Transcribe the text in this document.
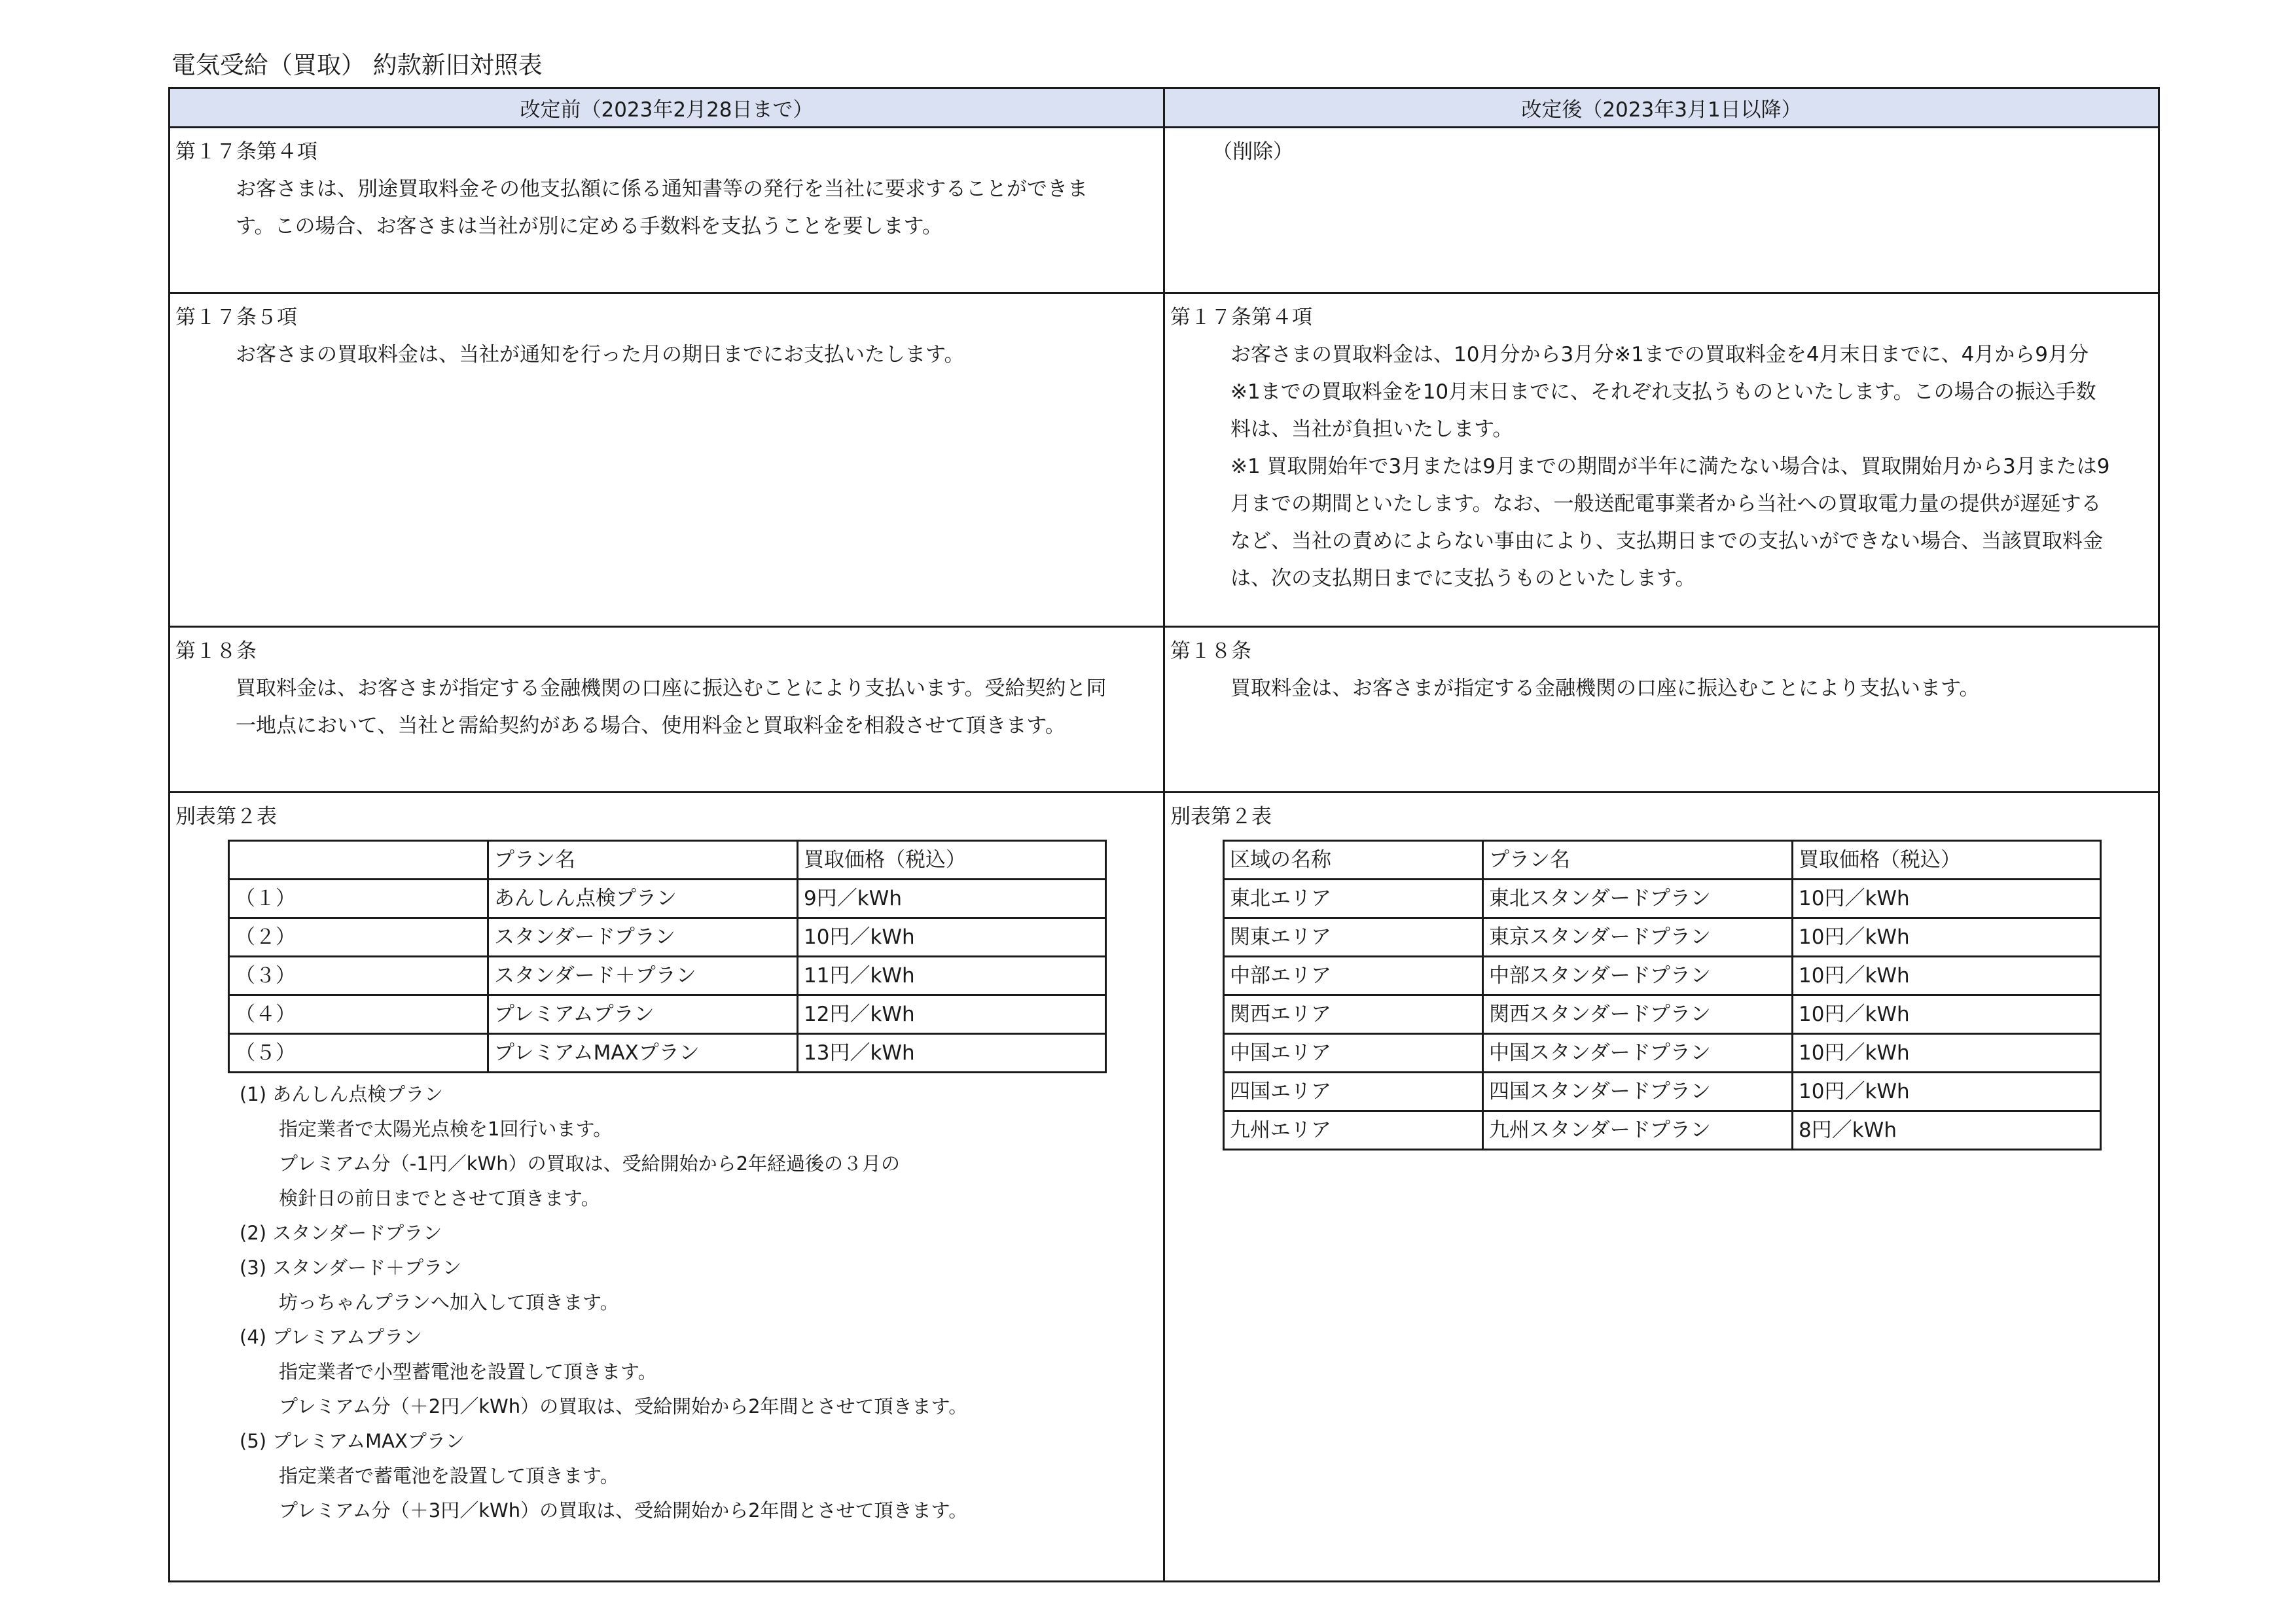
電気受給（買取） 約款新旧対照表
改定前（2023年2月28日まで）	改定後（2023年3月1日以降）

第１７条第４項
お客さまは、別途買取料金その他支払額に係る通知書等の発行を当社に要求することができます。この場合、お客さまは当社が別に定める手数料を支払うことを要します。

（削除）

第１７条５項
お客さまの買取料金は、当社が通知を行った月の期日までにお支払いたします。

第１７条第４項
お客さまの買取料金は、10月分から3月分※1までの買取料金を4月末日までに、4月から9月分※1までの買取料金を10月末日までに、それぞれ支払うものといたします。この場合の振込手数料は、当社が負担いたします。
※1 買取開始年で3月または9月までの期間が半年に満たない場合は、買取開始月から3月または9月までの期間といたします。なお、一般送配電事業者から当社への買取電力量の提供が遅延するなど、当社の責めによらない事由により、支払期日までの支払いができない場合、当該買取料金は、次の支払期日までに支払うものといたします。

第１８条
買取料金は、お客さまが指定する金融機関の口座に振込むことにより支払います。受給契約と同一地点において、当社と需給契約がある場合、使用料金と買取料金を相殺させて頂きます。

第１８条
買取料金は、お客さまが指定する金融機関の口座に振込むことにより支払います。

別表第２表
	プラン名	買取価格（税込）
（１）	あんしん点検プラン	9円／kWh
（２）	スタンダードプラン	10円／kWh
（３）	スタンダード＋プラン	11円／kWh
（４）	プレミアムプラン	12円／kWh
（５）	プレミアムMAXプラン	13円／kWh
(1) あんしん点検プラン
指定業者で太陽光点検を1回行います。
プレミアム分（-1円／kWh）の買取は、受給開始から2年経過後の３月の
検針日の前日までとさせて頂きます。
(2) スタンダードプラン
(3) スタンダード＋プラン
坊っちゃんプランへ加入して頂きます。
(4) プレミアムプラン
指定業者で小型蓄電池を設置して頂きます。
プレミアム分（＋2円／kWh）の買取は、受給開始から2年間とさせて頂きます。
(5) プレミアムMAXプラン
指定業者で蓄電池を設置して頂きます。
プレミアム分（＋3円／kWh）の買取は、受給開始から2年間とさせて頂きます。

別表第２表
区域の名称	プラン名	買取価格（税込）
東北エリア	東北スタンダードプラン	10円／kWh
関東エリア	東京スタンダードプラン	10円／kWh
中部エリア	中部スタンダードプラン	10円／kWh
関西エリア	関西スタンダードプラン	10円／kWh
中国エリア	中国スタンダードプラン	10円／kWh
四国エリア	四国スタンダードプラン	10円／kWh
九州エリア	九州スタンダードプラン	8円／kWh
